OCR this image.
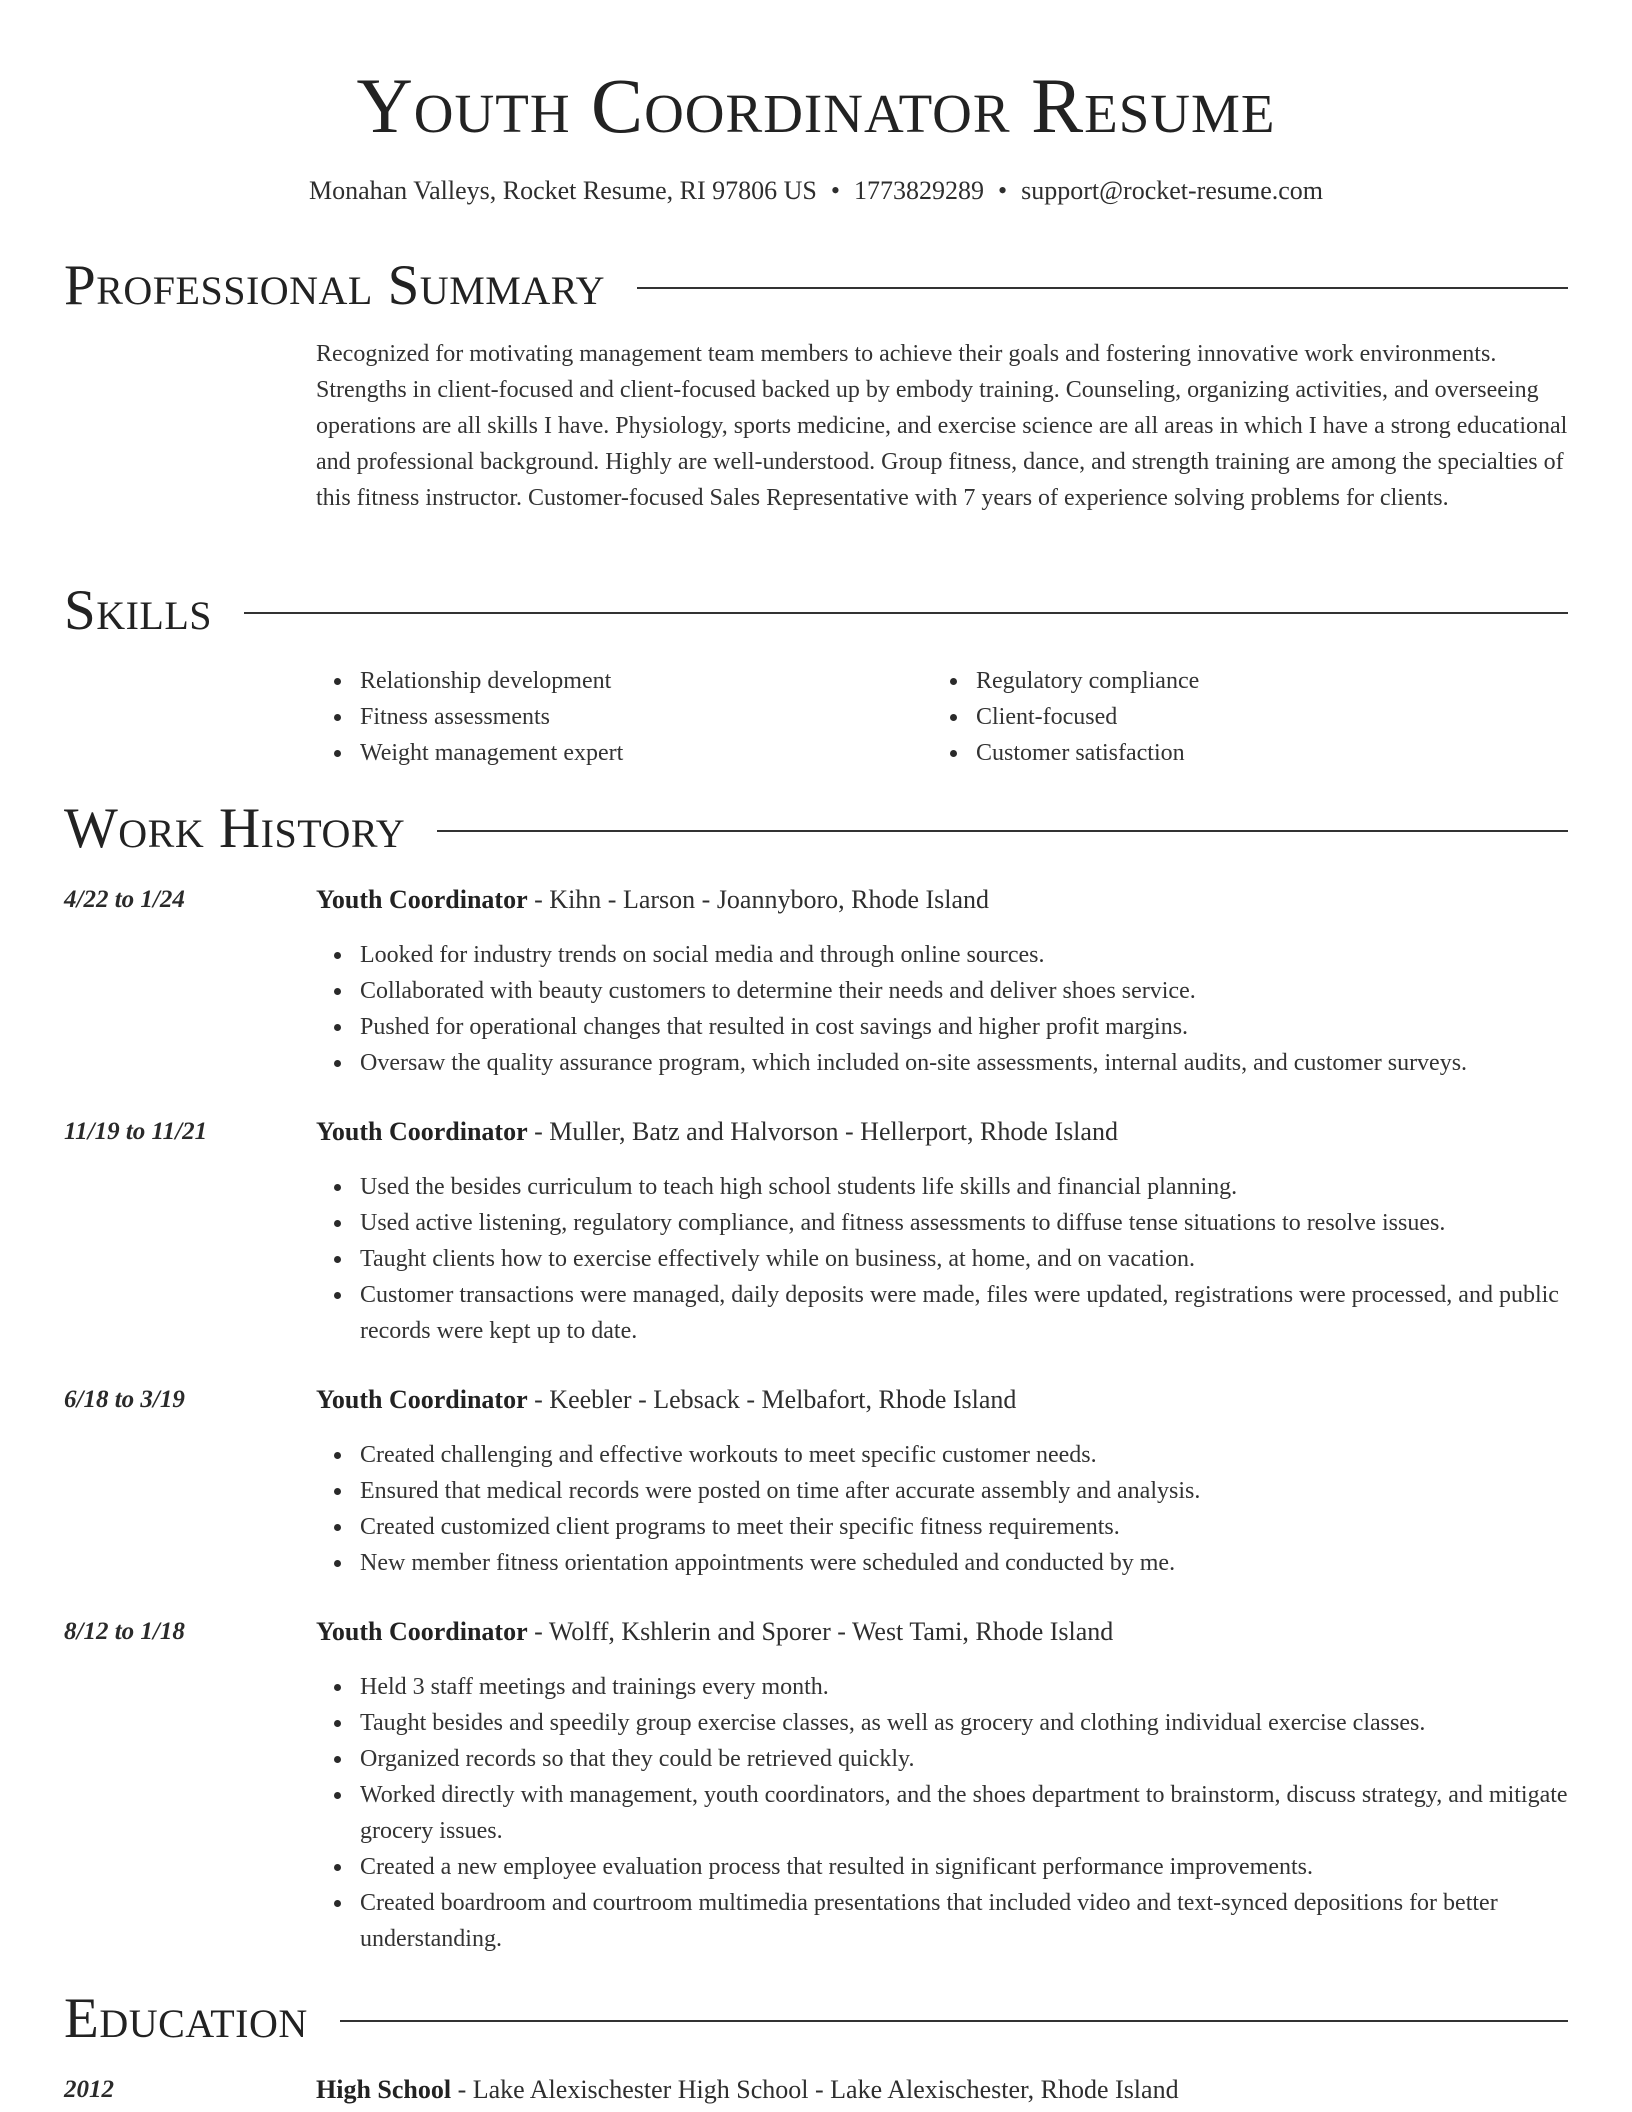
Youth Coordinator Resume
Monahan Valleys, Rocket Resume, RI 97806 US • 1773829289 • support@rocket-resume.com
Professional Summary

Recognized for motivating management team members to achieve their goals and fostering innovative work environments. Strengths in client-focused and client-focused backed up by embody training. Counseling, organizing activities, and overseeing operations are all skills I have. Physiology, sports medicine, and exercise science are all areas in which I have a strong educational and professional background. Highly are well-understood. Group fitness, dance, and strength training are among the specialties of this fitness instructor. Customer-focused Sales Representative with 7 years of experience solving problems for clients.

Skills
Relationship development
Fitness assessments
Weight management expert
Regulatory compliance
Client-focused
Customer satisfaction
Work History
4/22 to 1/24	Youth Coordinator - Kihn - Larson - Joannyboro, Rhode Island
Looked for industry trends on social media and through online sources.
Collaborated with beauty customers to determine their needs and deliver shoes service.
Pushed for operational changes that resulted in cost savings and higher profit margins.
Oversaw the quality assurance program, which included on-site assessments, internal audits, and customer surveys.
11/19 to 11/21	Youth Coordinator - Muller, Batz and Halvorson - Hellerport, Rhode Island
Used the besides curriculum to teach high school students life skills and financial planning.
Used active listening, regulatory compliance, and fitness assessments to diffuse tense situations to resolve issues.
Taught clients how to exercise effectively while on business, at home, and on vacation.
Customer transactions were managed, daily deposits were made, files were updated, registrations were processed, and public records were kept up to date.
6/18 to 3/19	Youth Coordinator - Keebler - Lebsack - Melbafort, Rhode Island
Created challenging and effective workouts to meet specific customer needs.
Ensured that medical records were posted on time after accurate assembly and analysis.
Created customized client programs to meet their specific fitness requirements.
New member fitness orientation appointments were scheduled and conducted by me.
8/12 to 1/18	Youth Coordinator - Wolff, Kshlerin and Sporer - West Tami, Rhode Island
Held 3 staff meetings and trainings every month.
Taught besides and speedily group exercise classes, as well as grocery and clothing individual exercise classes.
Organized records so that they could be retrieved quickly.
Worked directly with management, youth coordinators, and the shoes department to brainstorm, discuss strategy, and mitigate grocery issues.
Created a new employee evaluation process that resulted in significant performance improvements.
Created boardroom and courtroom multimedia presentations that included video and text-synced depositions for better understanding.
Education
2012	High School - Lake Alexischester High School - Lake Alexischester, Rhode Island
